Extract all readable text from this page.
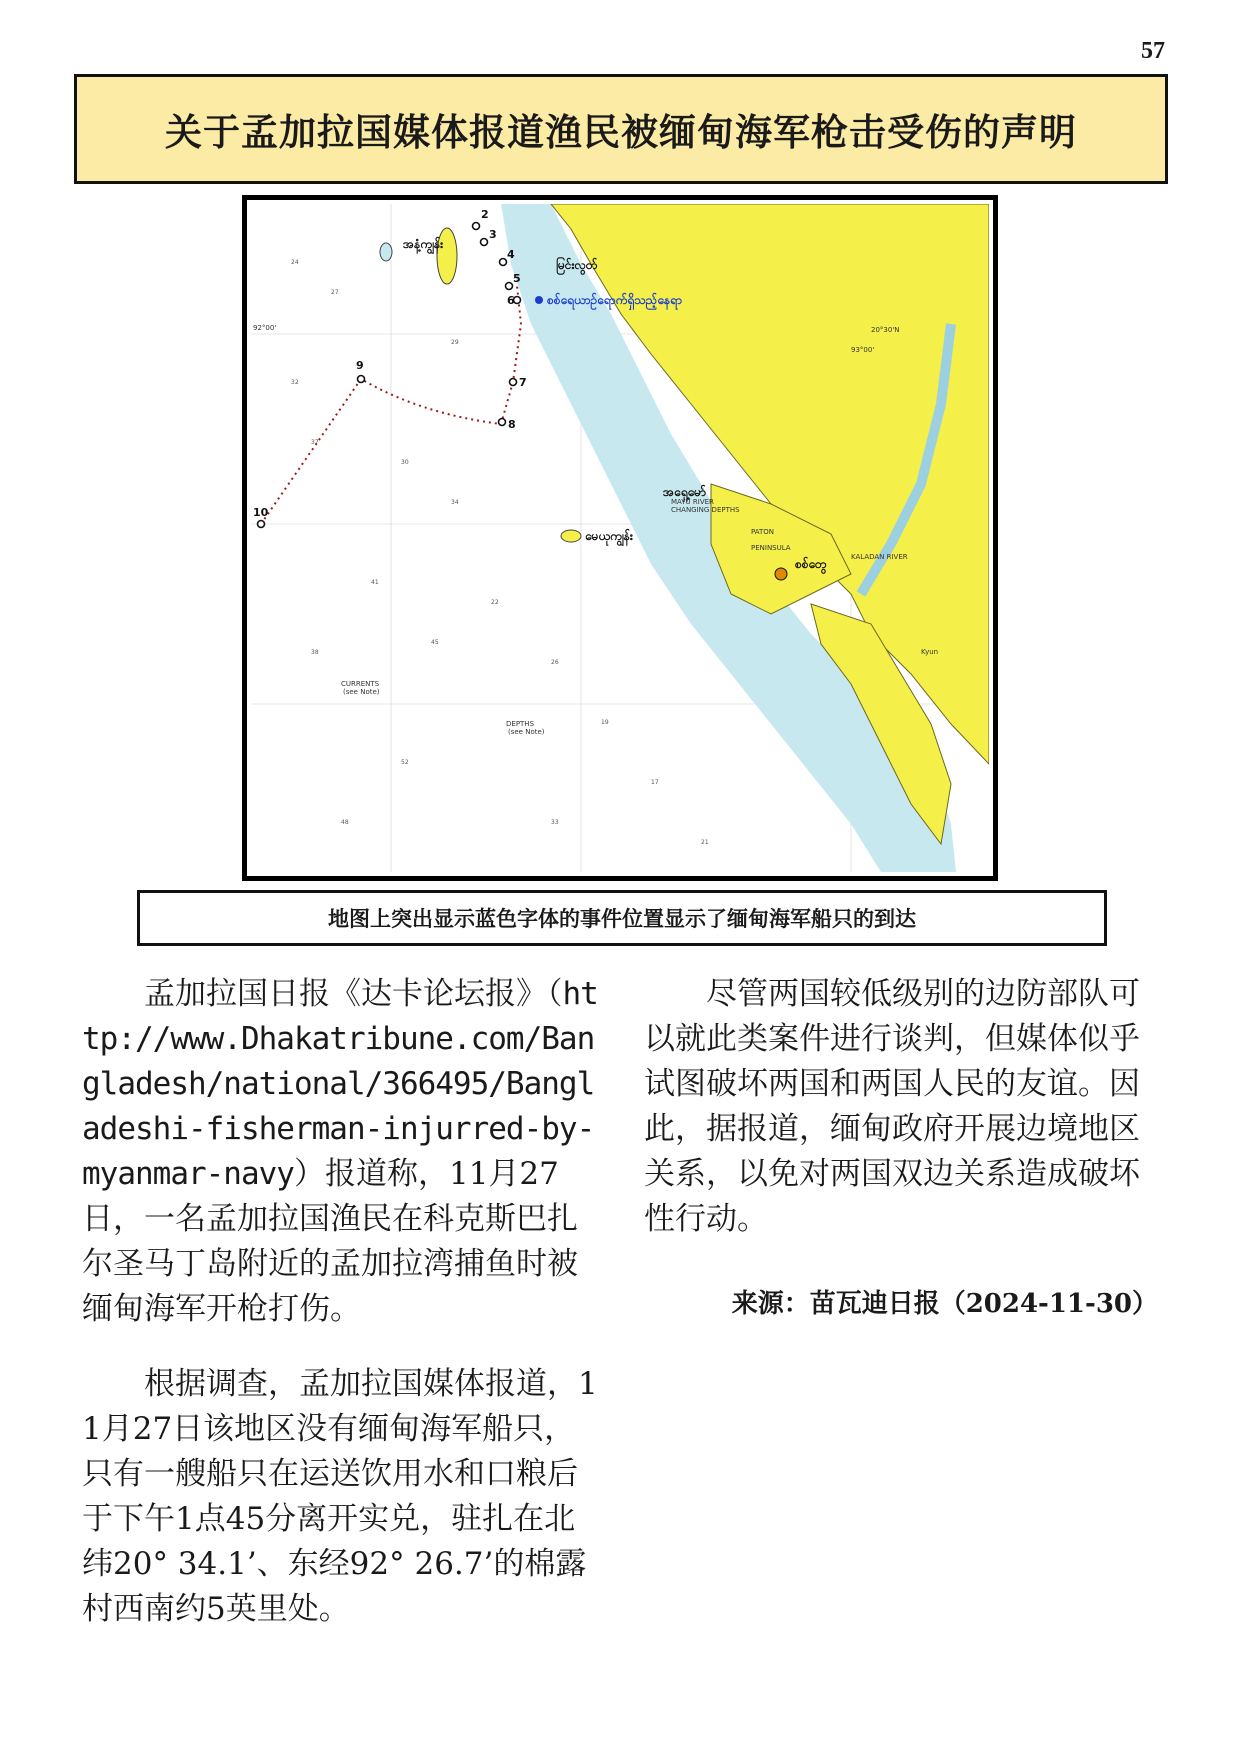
57
关于孟加拉国媒体报道渔民被缅甸海军枪击受伤的声明
2
3
4
5
6
7
8
9
10
စစ်ရေယာဉ်ရောက်ရှိသည့်နေရာ
အနံ့ကျွန်း
မြင်းလွတ်
အရှေ့မော်
မေယုကျွန်း
စစ်တွေ
CURRENTS
(see Note)
DEPTHS
(see Note)
MAYU RIVER
CHANGING DEPTHS
PATON
PENINSULA
KALADAN RIVER
92°00'
93°00'
20°30'N
Kyun
24
27
37
30
34
41
38
45
22
26
19
17
52
48	33
21
29
32
地图上突出显示蓝色字体的事件位置显示了缅甸海军船只的到达

孟加拉国日报《达卡论坛报》（http://www.Dhakatribune.com/Bangladesh/national/366495/Bangladeshi-fisherman-injurred-by-myanmar-navy）报道称，11月27日，一名孟加拉国渔民在科克斯巴扎尔圣马丁岛附近的孟加拉湾捕鱼时被缅甸海军开枪打伤。

根据调查，孟加拉国媒体报道，11月27日该地区没有缅甸海军船只，只有一艘船只在运送饮用水和口粮后于下午1点45分离开实兑，驻扎在北纬20° 34.1’、东经92° 26.7’的棉露村西南约5英里处。

尽管两国较低级别的边防部队可以就此类案件进行谈判，但媒体似乎试图破坏两国和两国人民的友谊。因此，据报道，缅甸政府开展边境地区关系，以免对两国双边关系造成破坏性行动。

来源：苗瓦迪日报（2024-11-30）
